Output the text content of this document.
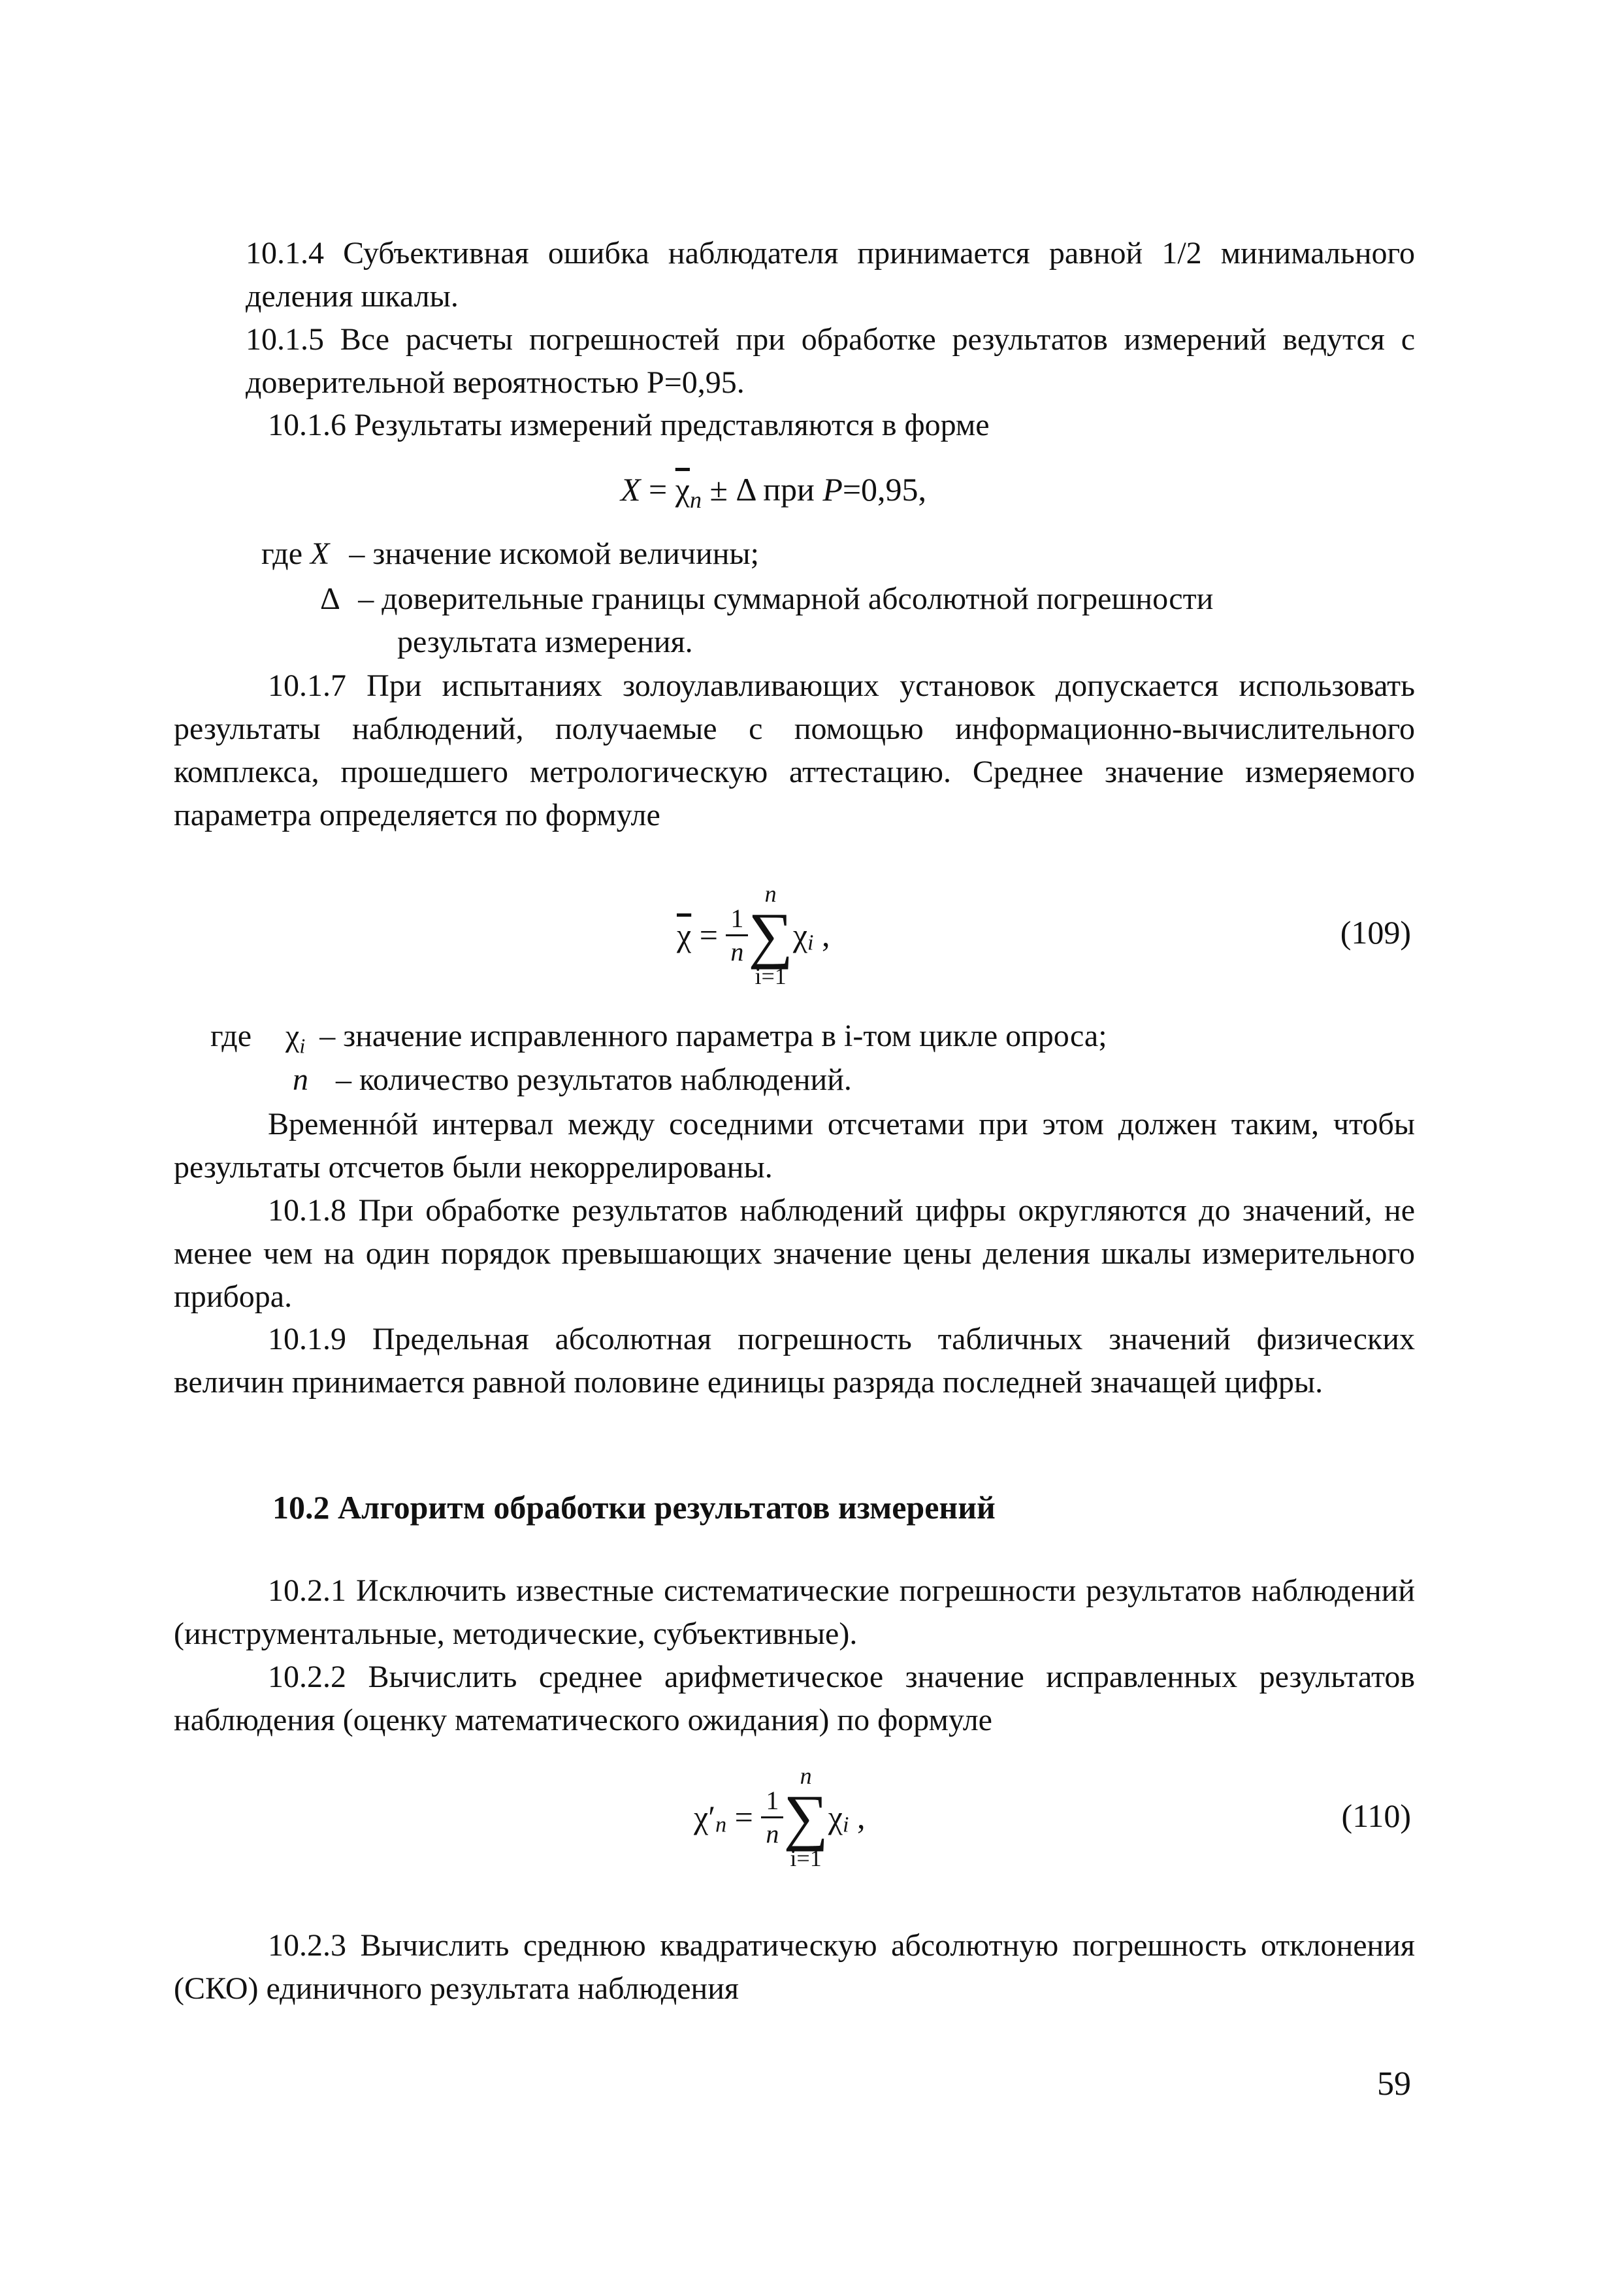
10.1.4 Субъективная ошибка наблюдателя принимается равной 1/2 минимального деления шкалы.

10.1.5 Все расчеты погрешностей при обработке результатов измерений ведутся с доверительной вероятностью P=0,95.

10.1.6 Результаты измерений представляются в форме

$X = \overline{\chi}_n \pm \Delta$ при P=0,95,
где X – значение искомой величины;
Δ – доверительные границы суммарной абсолютной погрешности
результата измерения.

10.1.7 При испытаниях золоулавливающих установок допускается использовать результаты наблюдений, получаемые с помощью информационно-вычислительного комплекса, прошедшего метрологическую аттестацию. Среднее значение измеряемого параметра определяется по формуле

$\overline{\chi} = \frac{1}{n}$
n
∑
i=1
$\chi_i$ ,	(109)
где $\chi_i$ – значение исправленного параметра в i-том цикле опроса;
n – количество результатов наблюдений.

Временнóй интервал между соседними отсчетами при этом должен таким, чтобы результаты отсчетов были некоррелированы.

10.1.8 При обработке результатов наблюдений цифры округляются до значений, не менее чем на один порядок превышающих значение цены деления шкалы измерительного прибора.

10.1.9 Предельная абсолютная погрешность табличных значений физических величин принимается равной половине единицы разряда последней значащей цифры.

10.2 Алгоритм обработки результатов измерений

10.2.1 Исключить известные систематические погрешности результатов наблюдений (инструментальные, методические, субъективные).

10.2.2 Вычислить среднее арифметическое значение исправленных результатов наблюдения (оценку математического ожидания) по формуле

$\chi'_n = \frac{1}{n}$
n
∑
i=1
$\chi_i$ ,	(110)

10.2.3 Вычислить среднюю квадратическую абсолютную погрешность отклонения (СКО) единичного результата наблюдения

59
